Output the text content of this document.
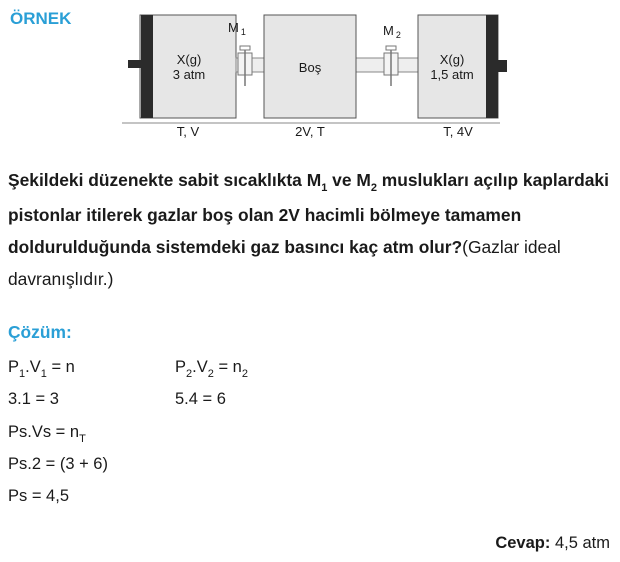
ÖRNEK	M $_1$	M $_2$
X(g)
3 atm	Boş
X(g)
1,5 atm
T, V	2V, T	T, 4V
Şekildeki düzenekte sabit sıcaklıkta $M_1$ ve $M_2$ muslukları açılıp kaplardaki pistonlar itilerek gazlar boş olan 2V hacimli bölmeye tamamen doldurulduğunda sistemdeki gaz basıncı kaç atm olur?(Gazlar ideal davranışlıdır.)
Çözüm:
$P_1.V_1 = n$	$P_2.V_2 = n_2$
3.1 = 3	5.4 = 6
$Ps.Vs = n_T$
Ps.2 = (3 + 6)
Ps = 4,5
Cevap: 4,5 atm
